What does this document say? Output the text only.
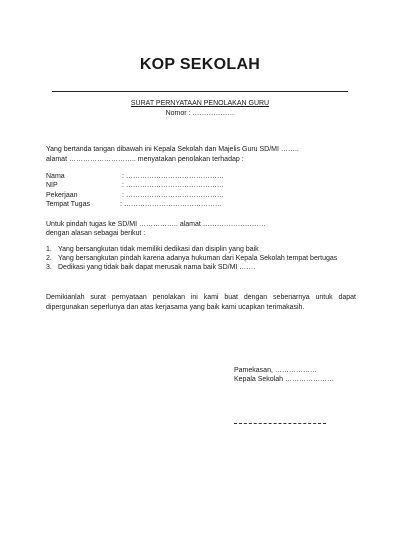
KOP SEKOLAH
SURAT PERNYATAAN PENOLAKAN GURU
Nomor : ………………
Yang bertanda tangan dibawah ini Kepala Sekolah dan Majelis Guru SD/MI ……..
alamat ……………………….. menyatakan penolakan terhadap :
Nama	: ……………………………………
NIP	: ……………………………………
Pekerjaan	: ……………………………………
Tempat Tugas	: ……………………………………
Untuk pindah tugas ke SD/MI …………….. alamat ………………………
dengan alasan sebagai berikut :
1. Yang bersangkutan tidak memiliki dedikasi dan disiplin yang baik
2. Yang bersangkutan pindah karena adanya hukuman dari Kepala Sekolah tempat bertugas
3. Dedikasi yang tidak baik dapat merusak nama baik SD/MI …….
Demikianlah surat pernyataan penolakan ini kami buat dengan sebenarnya untuk dapat dipergunakan seperlunya dan atas kerjasama yang baik kami ucapkan terimakasih.
Pamekasan, ………………
Kepala Sekolah …………………
